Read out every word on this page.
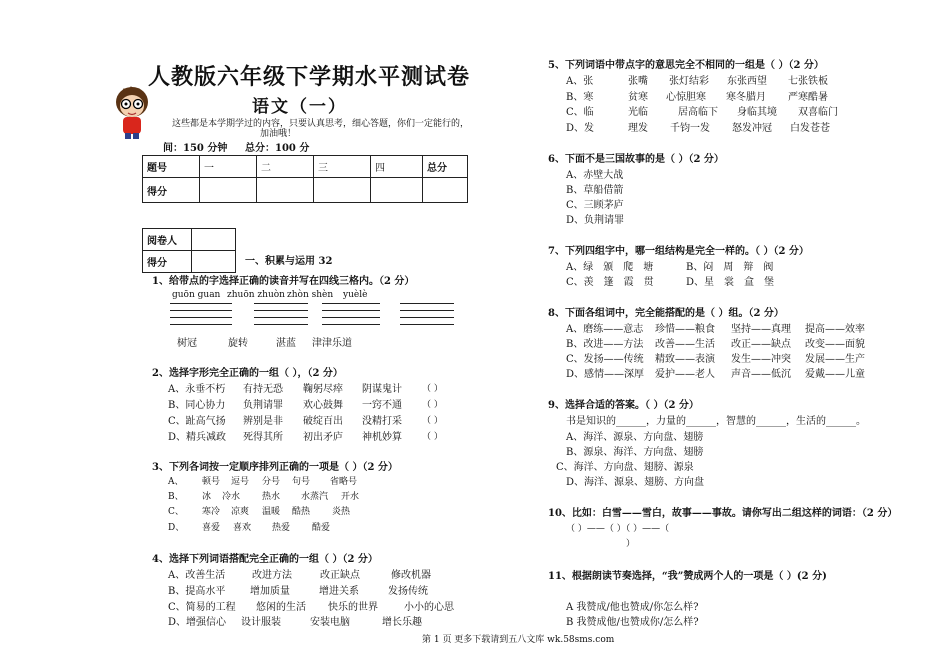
人教版六年级下学期水平测试卷
语文（一）
这些都是本学期学过的内容，只要认真思考，细心答题，你们一定能行的，
加油哦！
间：150 分钟 总分：100 分
题号	一	二	三	四	总分
得分					
阅卷人	
得分		一、积累与运用 32
1、给带点的字选择正确的读音并写在四线三格内。（2 分）
guōn guan zhuōn zhuòn zhòn shèn yuèlè
树冠	旋转	湛蓝 津津乐道
2、选择字形完全正确的一组（ ），（2 分）
A、永垂不朽 有持无恐 鞠躬尽瘁 阴谋鬼计 （ ）
B、同心协力 负荆请罪 欢心鼓舞 一窍不通 （ ）
C、趾高气扬 辨别是非 破绽百出 没精打采 （ ）
D、精兵减政 死得其所 初出矛庐 神机妙算 （ ）
3、下列各词按一定顺序排列正确的一项是（ ）（2 分）
A、 顿号 逗号 分号 句号 省略号
B、 冰 冷水 热水 水蒸汽 开水
C、 寒冷 凉爽 温暖 酷热 炎热
D、 喜爱 喜欢 热爱 酷爱
4、选择下列词语搭配完全正确的一组（ ）（2 分）
A、改善生活	改进方法	改正缺点	修改机器
B、提高水平 增加质量	增进关系	发扬传统
C、简易的工程 悠闲的生活 快乐的世界	小小的心思
D、增强信心 设计服装	安装电脑	增长乐趣
5、下列词语中带点字的意思完全不相同的一组是（ ）（2 分）
A、张	张嘴 张灯结彩 东张西望 七张铁板
B、寒	贫寒 心惊胆寒 寒冬腊月 严寒酷暑
C、临	光临	居高临下 身临其境 双喜临门
D、发	理发 千钧一发 怒发冲冠 白发苍苍
6、下面不是三国故事的是（ ）（2 分）
A、赤壁大战
B、草船借箭
C、三顾茅庐
D、负荆请罪
7、下列四组字中，哪一组结构是完全一样的。（ ）（2 分）
A、绿　颁　爬　塘	B、闷　周　辩　阀
C、羡　篷　霞　贯	D、星　裳　盒　堡
8、下面各组词中，完全能搭配的是（ ）组。（2 分）
A、磨练——意志 珍惜——粮食 坚持——真理 提高——效率
B、改进——方法 改善——生活 改正——缺点 改变——面貌
C、发扬——传统 精致——表演 发生——冲突 发展——生产
D、感情——深厚 爱护——老人 声音——低沉 爱戴——儿童
9、选择合适的答案。（ ）（2 分）
书是知识的______，力量的______，智慧的______，生活的______。
A、海洋、源泉、方向盘、翅膀
B、源泉、海洋、方向盘、翅膀
C、海洋、方向盘、翅膀、源泉
D、海洋、源泉、翅膀、方向盘
10、比如：白雪——雪白，故事——事故。请你写出二组这样的词语：（2 分）
（ ）——（ ）（ ）——（
）
11、根据朗读节奏选择，“我”赞成两个人的一项是（ ）(2 分)
A 我赞成/他也赞成/你怎么样?
B 我赞成他/也赞成你/怎么样?
第 1 页 更多下载请到五八文库 wk.58sms.com
